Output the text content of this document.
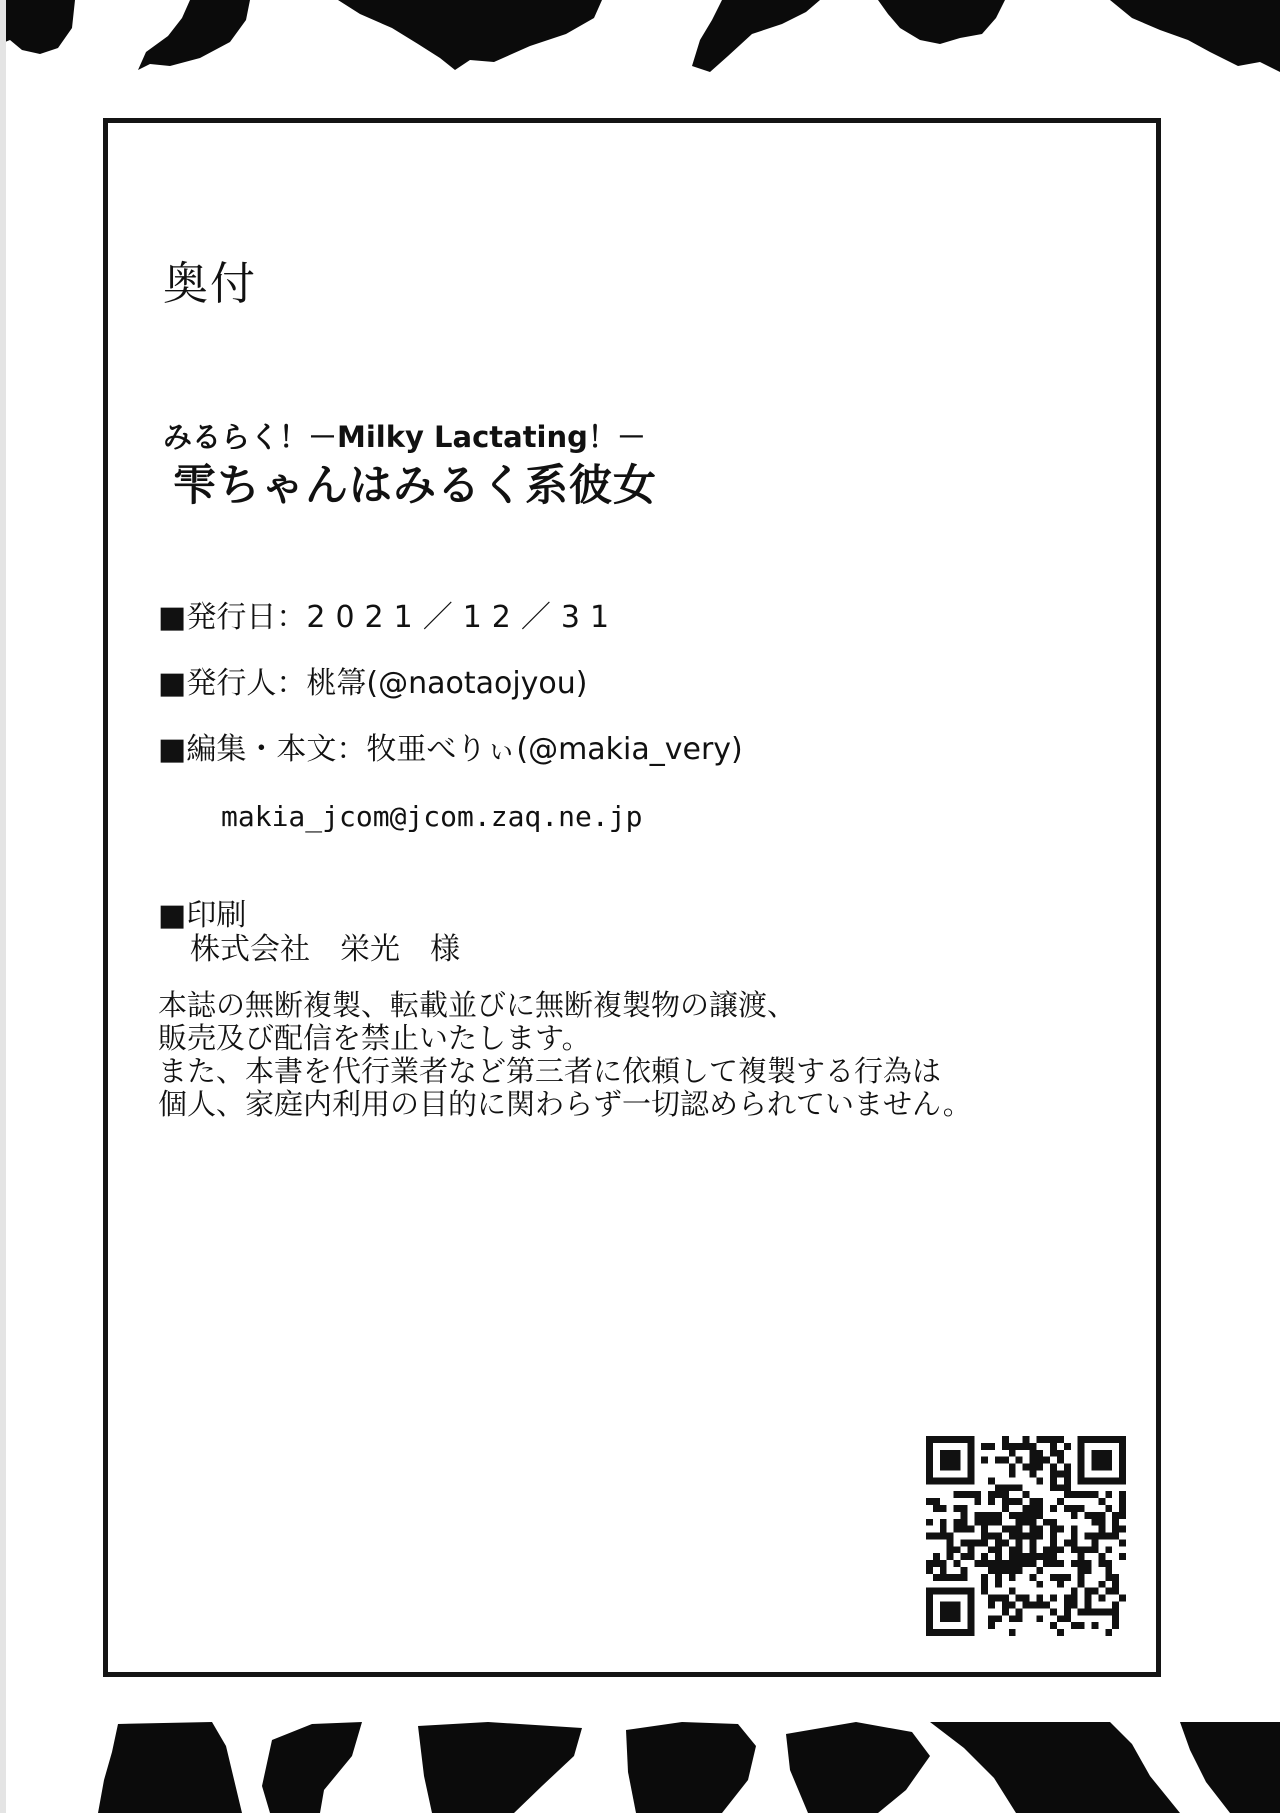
奥付
みるらく！－Milky Lactating！－
雫ちゃんはみるく系彼女
■発行日：2021／12／31
■発行人：桃箒(@naotaojyou)
■編集・本文：牧亜べりぃ(@makia_very)
makia_jcom@jcom.zaq.ne.jp
■印刷
株式会社　栄光　様
本誌の無断複製、転載並びに無断複製物の譲渡、
販売及び配信を禁止いたします。
また、本書を代行業者など第三者に依頼して複製する行為は
個人、家庭内利用の目的に関わらず一切認められていません。
